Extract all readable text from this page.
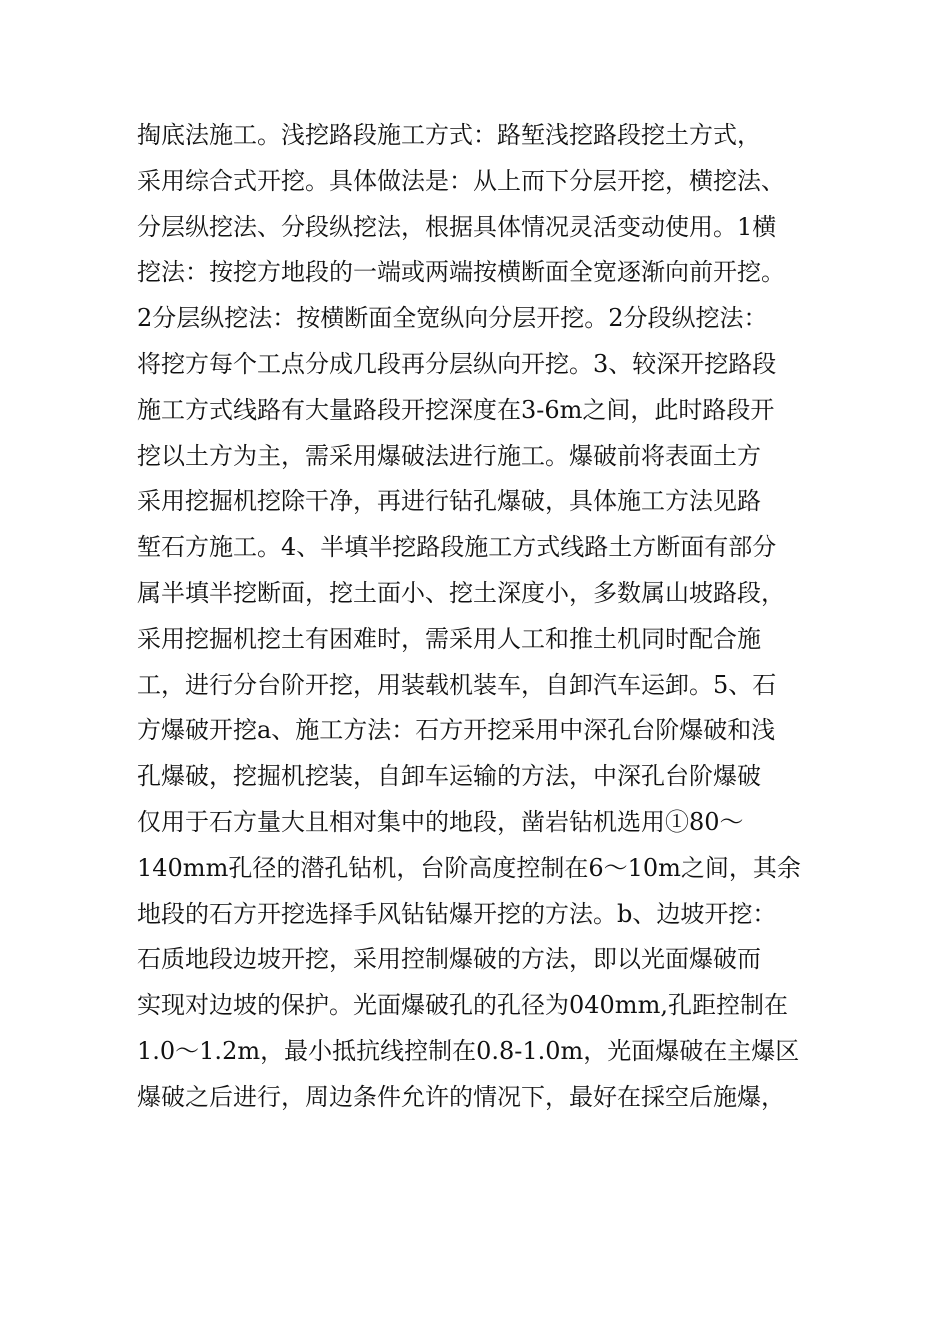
掏底法施工。浅挖路段施工方式：路堑浅挖路段挖土方式，
采用综合式开挖。具体做法是：从上而下分层开挖，横挖法、
分层纵挖法、分段纵挖法，根据具体情况灵活变动使用。1横
挖法：按挖方地段的一端或两端按横断面全宽逐渐向前开挖。
2分层纵挖法：按横断面全宽纵向分层开挖。2分段纵挖法：
将挖方每个工点分成几段再分层纵向开挖。3、较深开挖路段
施工方式线路有大量路段开挖深度在3-6m之间，此时路段开
挖以土方为主，需采用爆破法进行施工。爆破前将表面土方
采用挖掘机挖除干净，再进行钻孔爆破，具体施工方法见路
堑石方施工。4、半填半挖路段施工方式线路土方断面有部分
属半填半挖断面，挖土面小、挖土深度小，多数属山坡路段，
采用挖掘机挖土有困难时，需采用人工和推土机同时配合施
工，进行分台阶开挖，用装载机装车，自卸汽车运卸。5、石
方爆破开挖a、施工方法：石方开挖采用中深孔台阶爆破和浅
孔爆破，挖掘机挖装，自卸车运输的方法，中深孔台阶爆破
仅用于石方量大且相对集中的地段，凿岩钻机选用①80〜
140mm孔径的潜孔钻机，台阶高度控制在6〜10m之间，其余
地段的石方开挖选择手风钻钻爆开挖的方法。b、边坡开挖：
石质地段边坡开挖，采用控制爆破的方法，即以光面爆破而
实现对边坡的保护。光面爆破孔的孔径为040mm,孔距控制在
1.0〜1.2m，最小抵抗线控制在0.8-1.0m，光面爆破在主爆区
爆破之后进行，周边条件允许的情况下，最好在採空后施爆，
